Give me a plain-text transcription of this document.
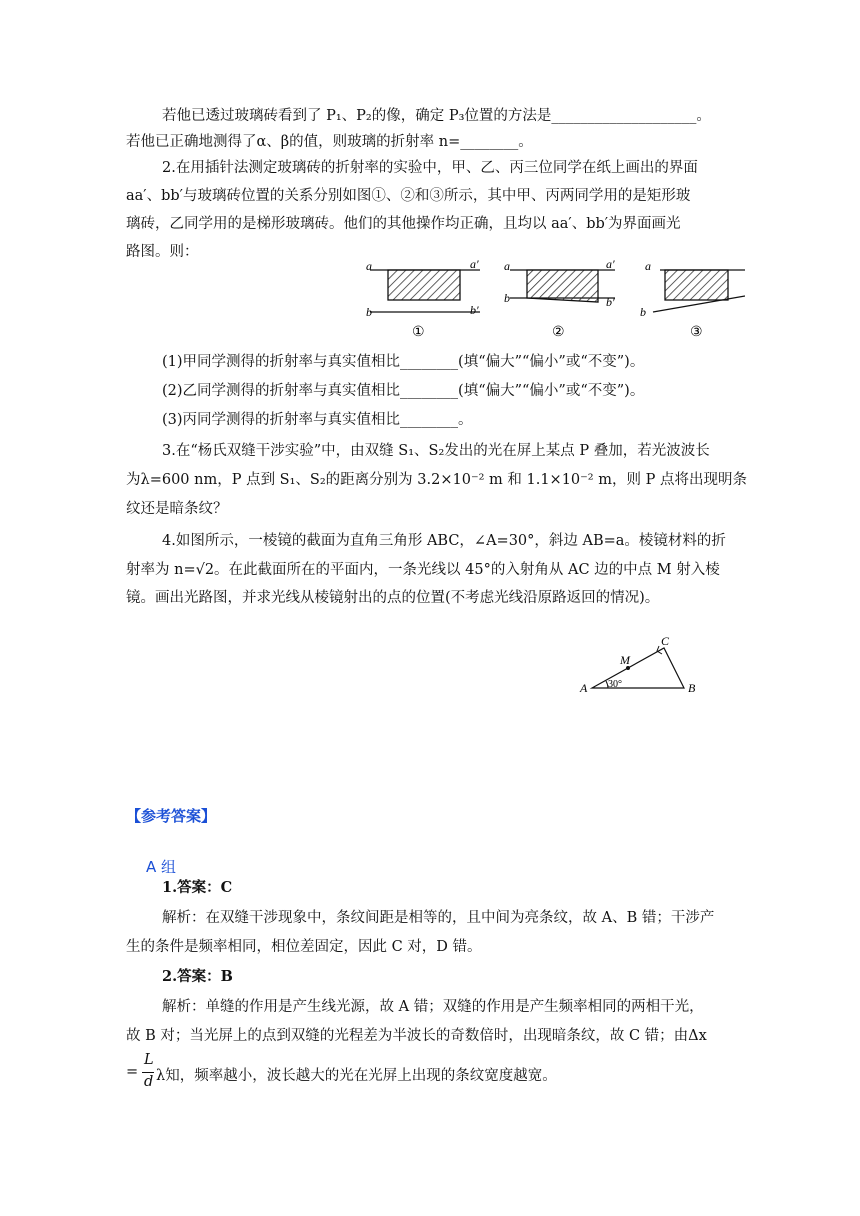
若他已透过玻璃砖看到了 P₁、P₂的像，确定 P₃位置的方法是____________________。
若他已正确地测得了α、β的值，则玻璃的折射率 n=________。
2.在用插针法测定玻璃砖的折射率的实验中，甲、乙、丙三位同学在纸上画出的界面
aa′、bb′与玻璃砖位置的关系分别如图①、②和③所示，其中甲、丙两同学用的是矩形玻
璃砖，乙同学用的是梯形玻璃砖。他们的其他操作均正确，且均以 aa′、bb′为界面画光
路图。则：
a	a′
b	b′
①
a	a′
b	b′
②
a
b
③
(1)甲同学测得的折射率与真实值相比________(填“偏大”“偏小”或“不变”)。
(2)乙同学测得的折射率与真实值相比________(填“偏大”“偏小”或“不变”)。
(3)丙同学测得的折射率与真实值相比________。
3.在“杨氏双缝干涉实验”中，由双缝 S₁、S₂发出的光在屏上某点 P 叠加，若光波波长
为λ=600 nm，P 点到 S₁、S₂的距离分别为 3.2×10⁻² m 和 1.1×10⁻² m，则 P 点将出现明条
纹还是暗条纹？
4.如图所示，一棱镜的截面为直角三角形 ABC，∠A=30°，斜边 AB=a。棱镜材料的折
射率为 n=√2。在此截面所在的平面内，一条光线以 45°的入射角从 AC 边的中点 M 射入棱
镜。画出光路图，并求光线从棱镜射出的点的位置(不考虑光线沿原路返回的情况)。
A	B
C
M
30°
【参考答案】
A 组
1.答案：C
解析：在双缝干涉现象中，条纹间距是相等的，且中间为亮条纹，故 A、B 错；干涉产
生的条件是频率相同，相位差固定，因此 C 对，D 错。
2.答案：B
解析：单缝的作用是产生线光源，故 A 错；双缝的作用是产生频率相同的两相干光，
故 B 对；当光屏上的点到双缝的光程差为半波长的奇数倍时，出现暗条纹，故 C 错；由Δx
=
L
d λ知，频率越小，波长越大的光在光屏上出现的条纹宽度越宽。
